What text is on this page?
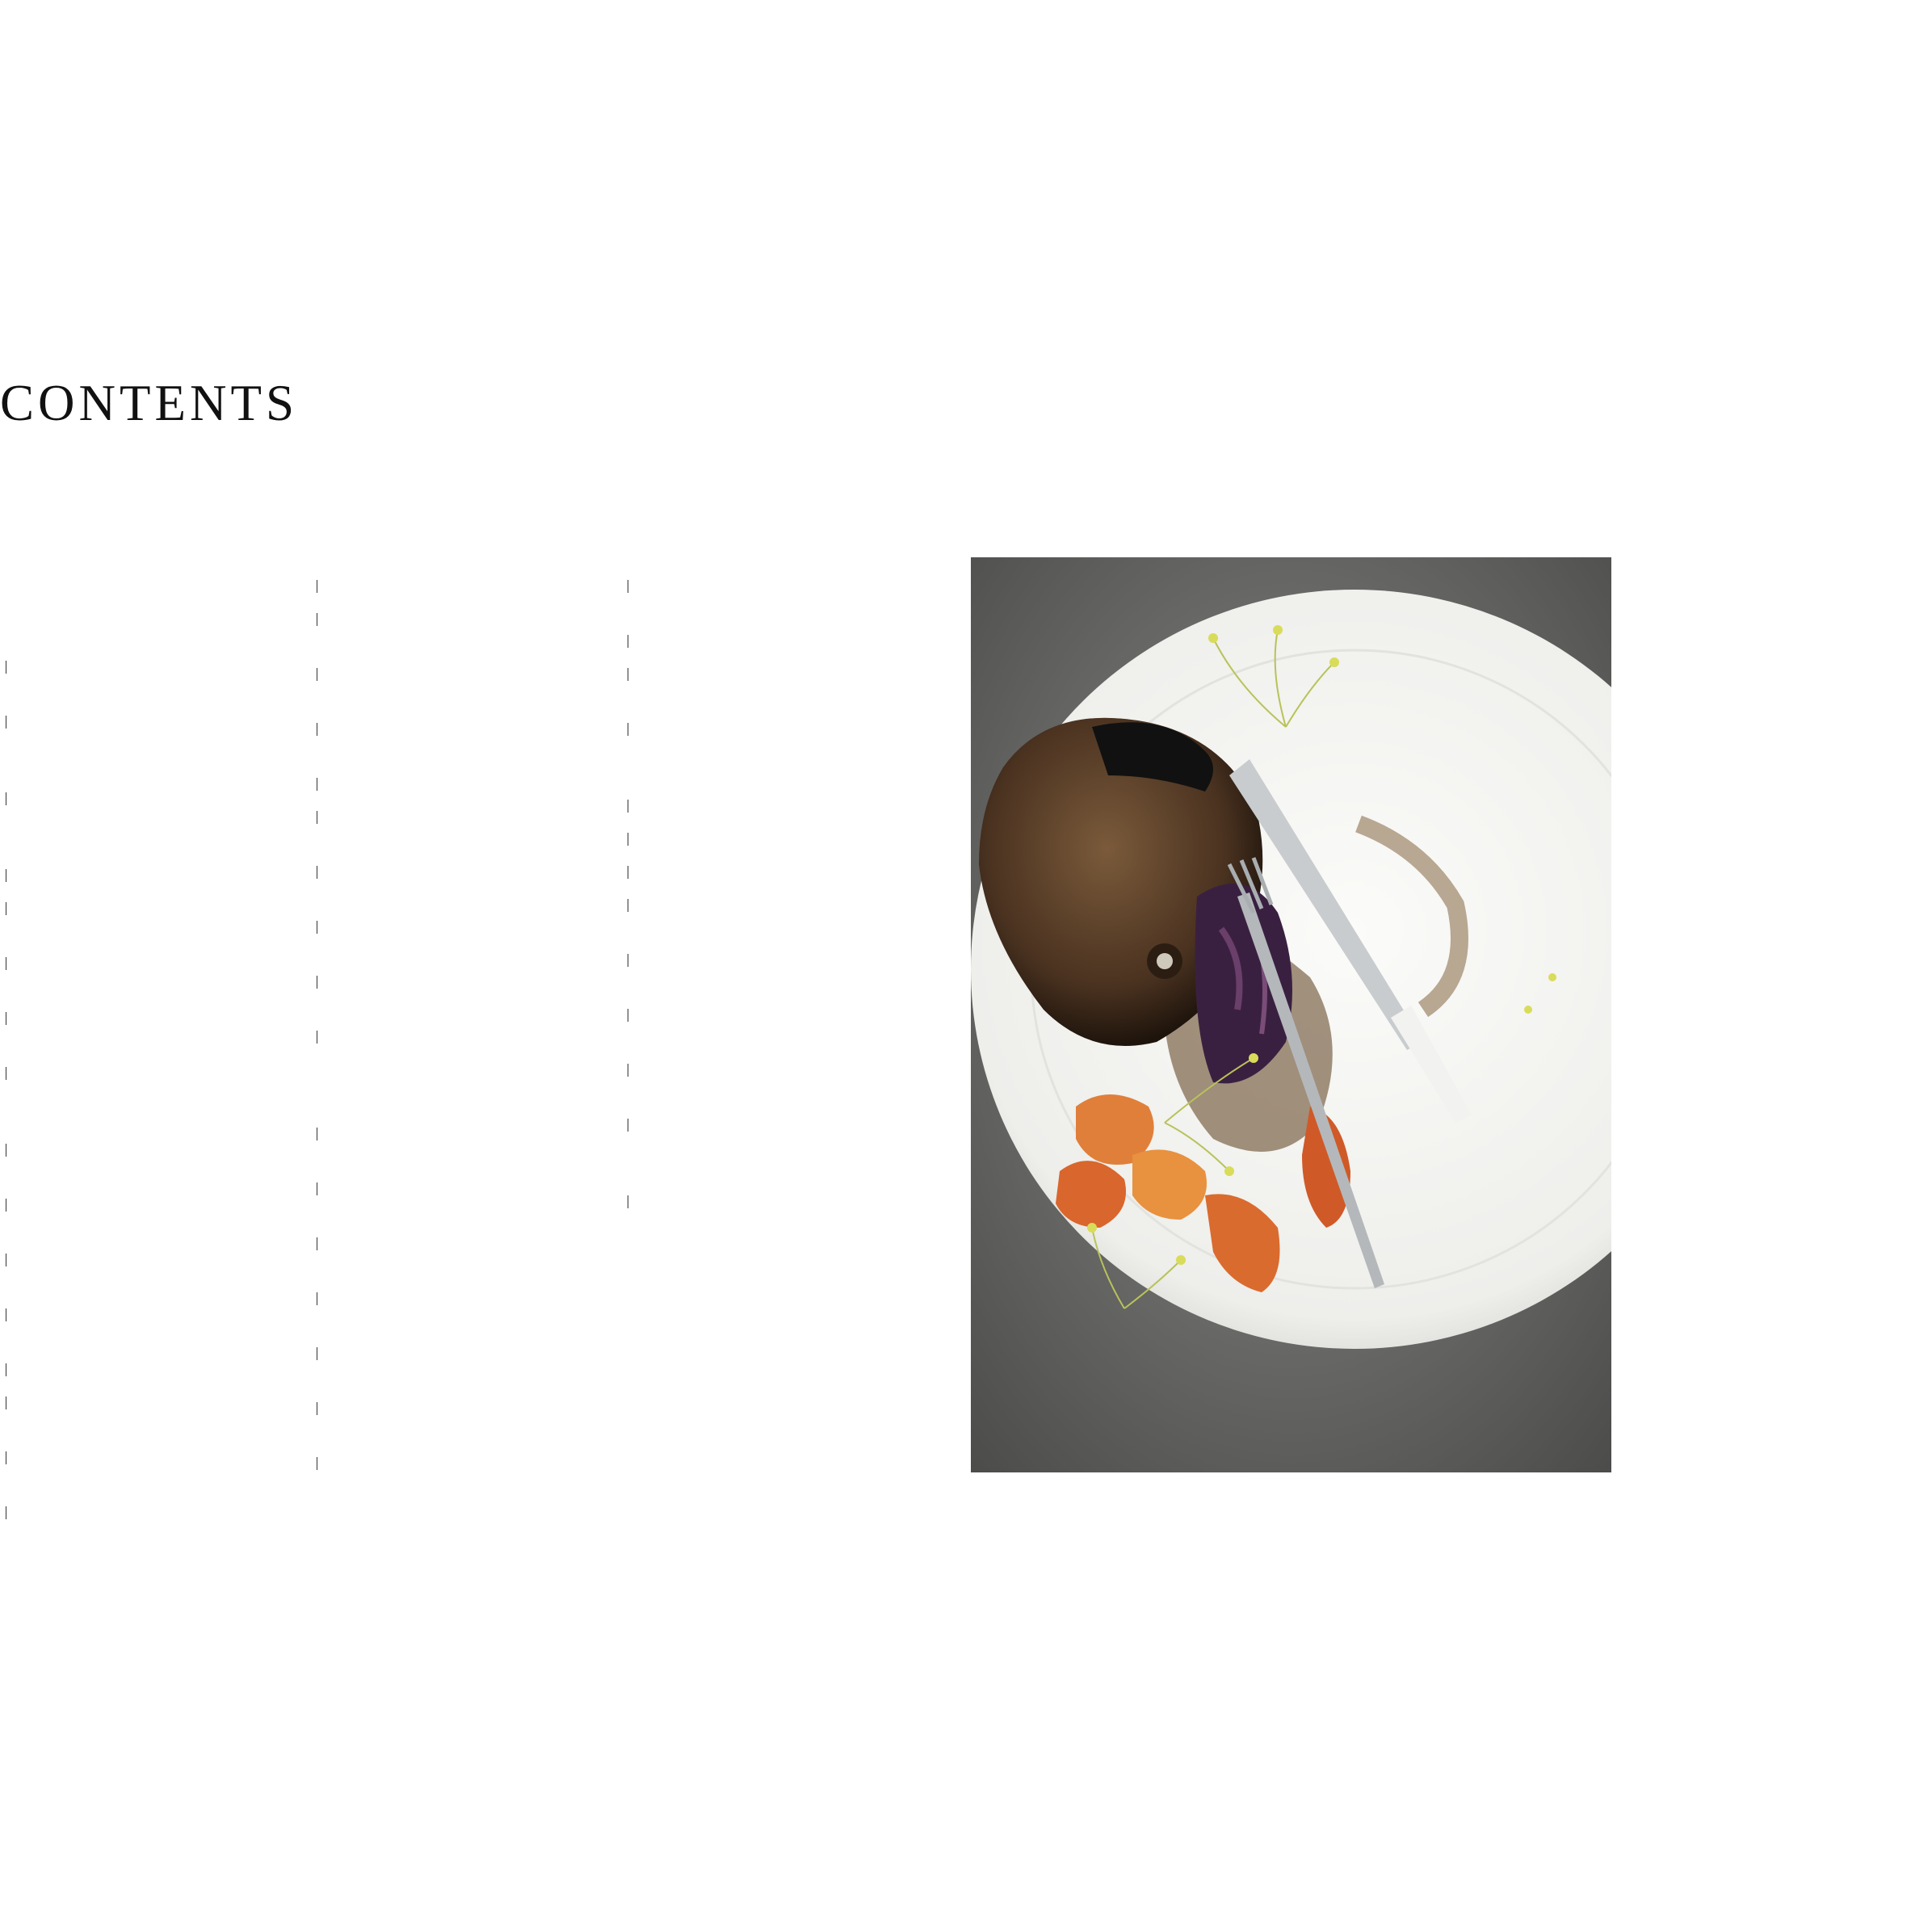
CONTENTS
